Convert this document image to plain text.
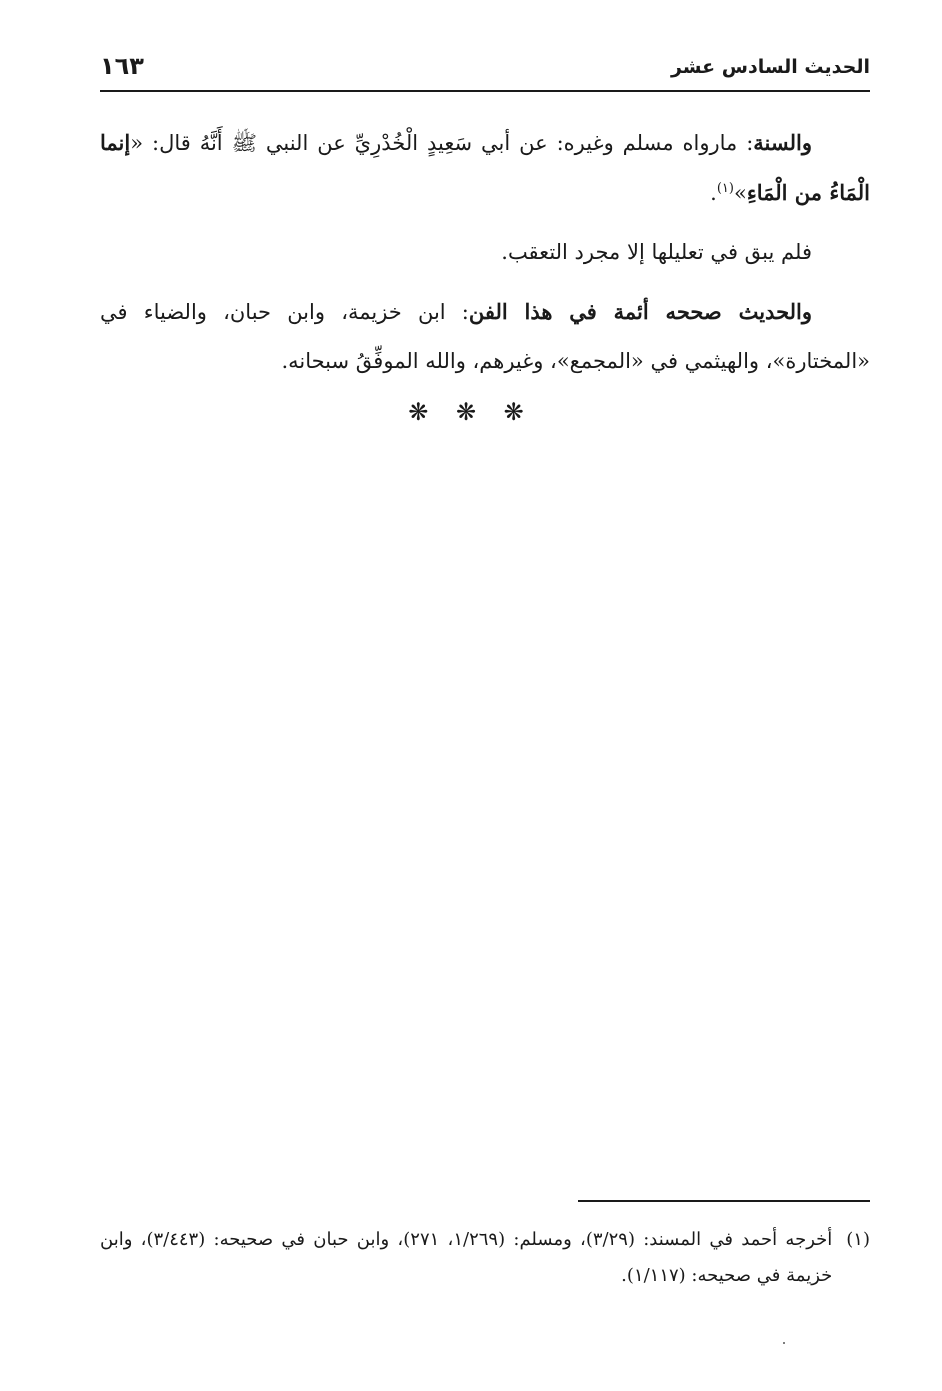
الحديث السادس عشر
١٦٣

والسنة: مارواه مسلم وغيره: عن أبي سَعِيدٍ الْخُدْرِيِّ عن النبي ﷺ أَنَّهُ قال: «إنما الْمَاءُ من الْمَاءِ»$^{(١)}$.

فلم يبق في تعليلها إلا مجرد التعقب.

والحديث صححه أئمة في هذا الفن: ابن خزيمة، وابن حبان، والضياء في «المختارة»، والهيثمي في «المجمع»، وغيرهم، والله الموفِّقُ سبحانه.

❋ ❋ ❋
(١)
أخرجه أحمد في المسند: (٣/٢٩)، ومسلم: (١/٢٦٩، ٢٧١)، وابن حبان في صحيحه: (٣/٤٤٣)، وابن خزيمة في صحيحه: (١/١١٧).
